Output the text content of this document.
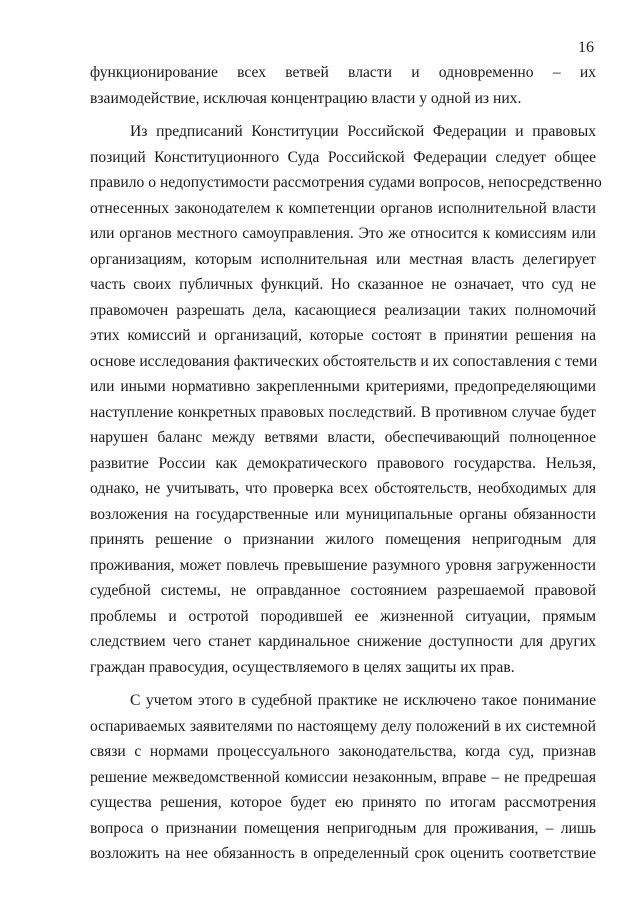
16
функционирование всех ветвей власти и одновременно – их
взаимодействие, исключая концентрацию власти у одной из них.
Из предписаний Конституции Российской Федерации и правовых
позиций Конституционного Суда Российской Федерации следует общее
правило о недопустимости рассмотрения судами вопросов, непосредственно
отнесенных законодателем к компетенции органов исполнительной власти
или органов местного самоуправления. Это же относится к комиссиям или
организациям, которым исполнительная или местная власть делегирует
часть своих публичных функций. Но сказанное не означает, что суд не
правомочен разрешать дела, касающиеся реализации таких полномочий
этих комиссий и организаций, которые состоят в принятии решения на
основе исследования фактических обстоятельств и их сопоставления с теми
или иными нормативно закрепленными критериями, предопределяющими
наступление конкретных правовых последствий. В противном случае будет
нарушен баланс между ветвями власти, обеспечивающий полноценное
развитие России как демократического правового государства. Нельзя,
однако, не учитывать, что проверка всех обстоятельств, необходимых для
возложения на государственные или муниципальные органы обязанности
принять решение о признании жилого помещения непригодным для
проживания, может повлечь превышение разумного уровня загруженности
судебной системы, не оправданное состоянием разрешаемой правовой
проблемы и остротой породившей ее жизненной ситуации, прямым
следствием чего станет кардинальное снижение доступности для других
граждан правосудия, осуществляемого в целях защиты их прав.
С учетом этого в судебной практике не исключено такое понимание
оспариваемых заявителями по настоящему делу положений в их системной
связи с нормами процессуального законодательства, когда суд, признав
решение межведомственной комиссии незаконным, вправе – не предрешая
существа решения, которое будет ею принято по итогам рассмотрения
вопроса о признании помещения непригодным для проживания, – лишь
возложить на нее обязанность в определенный срок оценить соответствие
